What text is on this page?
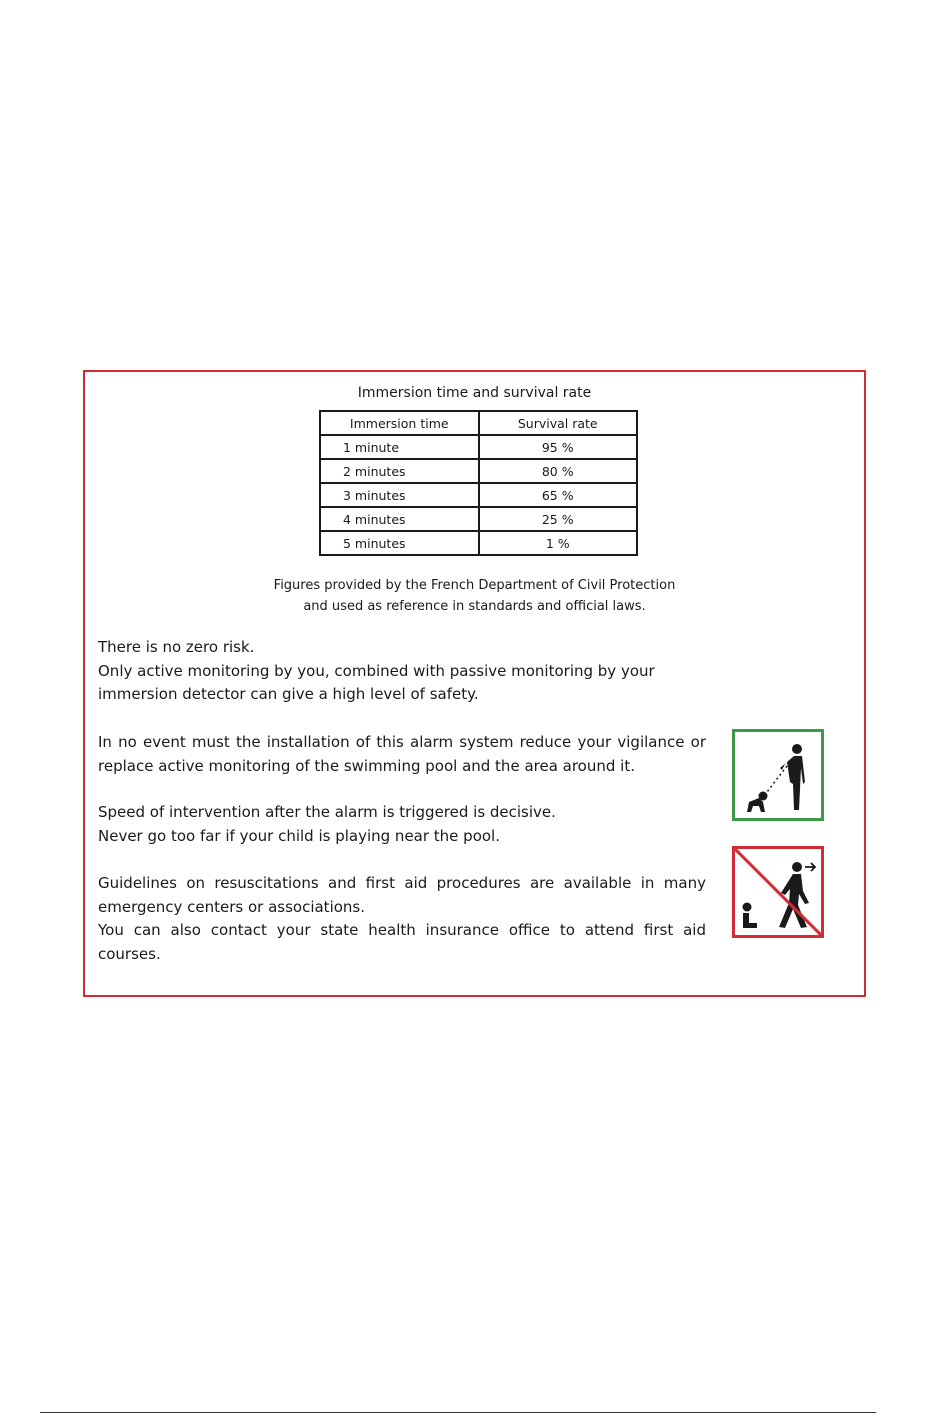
Immersion time and survival rate
Immersion time	Survival rate
1 minute	95 %
2 minutes	80 %
3 minutes	65 %
4 minutes	25 %
5 minutes	1 %
Figures provided by the French Department of Civil Protection
and used as reference in standards and official laws.

There is no zero risk.

Only active monitoring by you, combined with passive monitoring by your immersion detector can give a high level of safety.

In no event must the installation of this alarm system reduce your vigilance or replace active monitoring of the swimming pool and the area around it.

Speed of intervention after the alarm is triggered is decisive.

Never go too far if your child is playing near the pool.

Guidelines on resuscitations and first aid procedures are available in many emergency centers or associations.

You can also contact your state health insurance office to attend first aid courses.
